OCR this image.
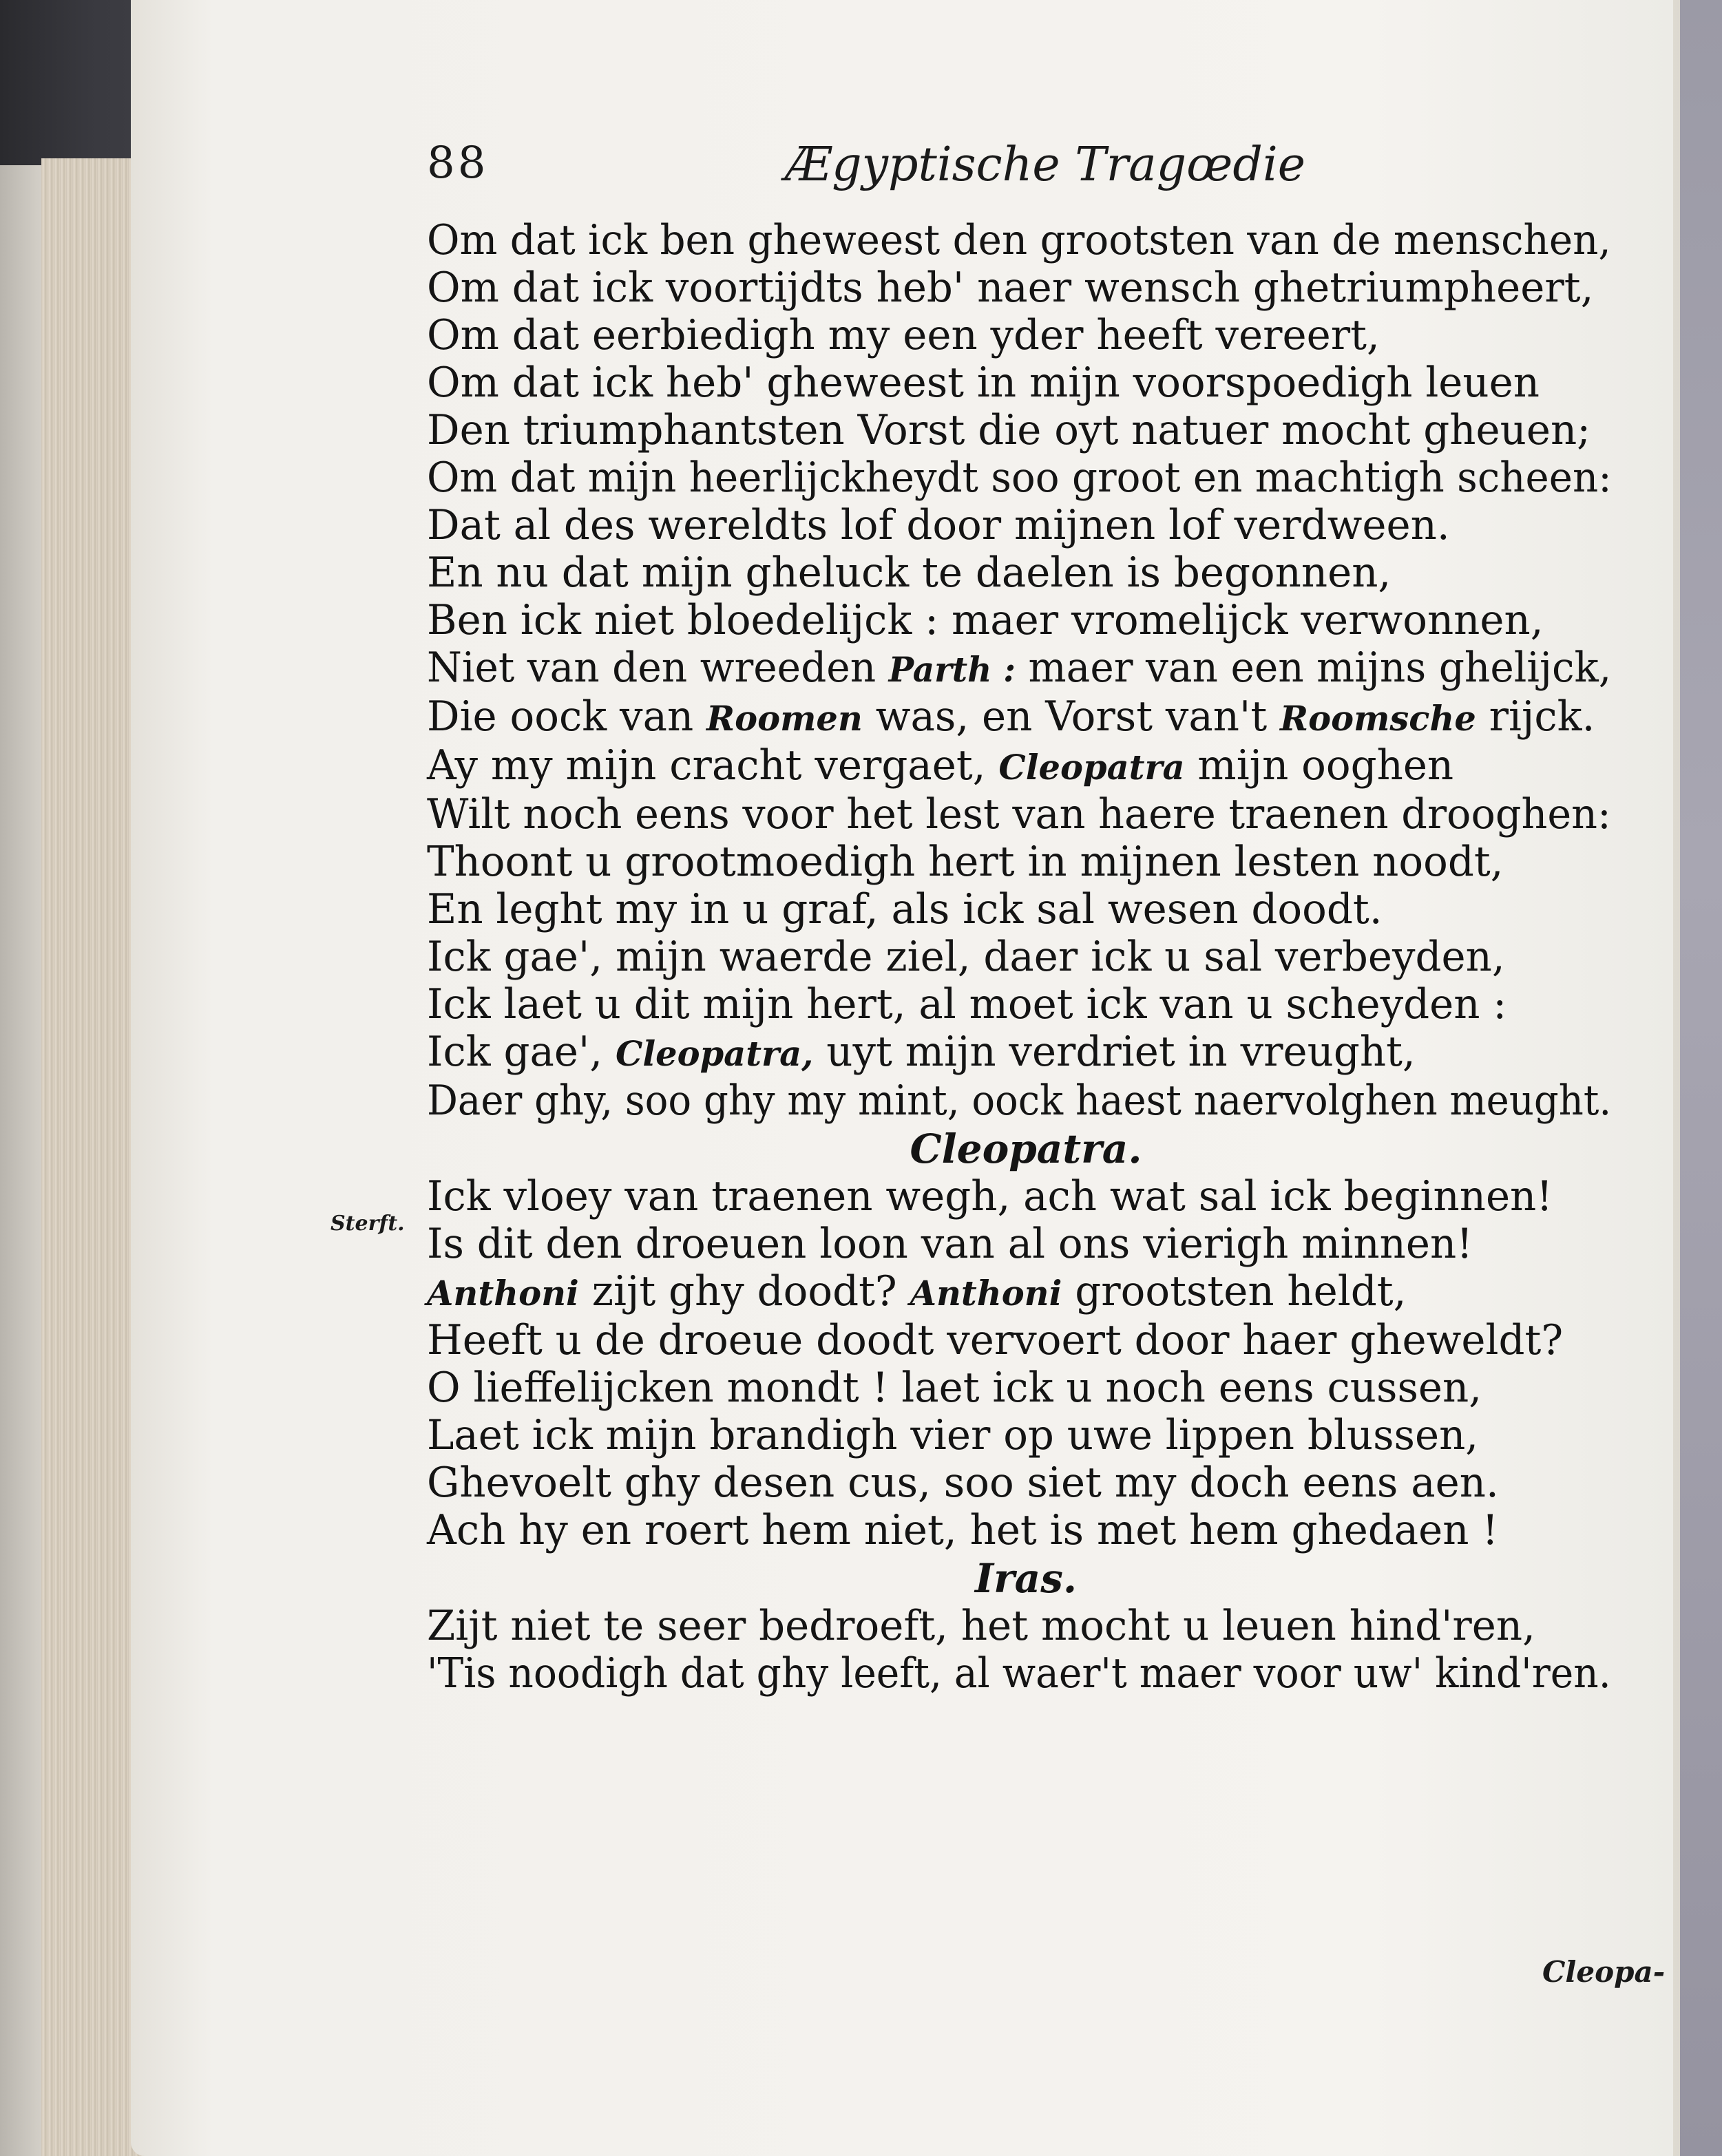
88	Ægyptische Tragœdie
Sterft.
Om dat ick ben gheweest den grootsten van de menschen,
Om dat ick voortijdts heb' naer wensch ghetriumpheert,
Om dat eerbiedigh my een yder heeft vereert,
Om dat ick heb' gheweest in mijn voorspoedigh leuen
Den triumphantsten Vorst die oyt natuer mocht gheuen;
Om dat mijn heerlijckheydt soo groot en machtigh scheen:
Dat al des wereldts lof door mijnen lof verdween.
En nu dat mijn gheluck te daelen is begonnen,
Ben ick niet bloedelijck : maer vromelijck verwonnen,
Niet van den wreeden Parth : maer van een mijns ghelijck,
Die oock van Roomen was, en Vorst van't Roomsche rijck.
Ay my mijn cracht vergaet, Cleopatra mijn ooghen
Wilt noch eens voor het lest van haere traenen drooghen:
Thoont u grootmoedigh hert in mijnen lesten noodt,
En leght my in u graf, als ick sal wesen doodt.
Ick gae', mijn waerde ziel, daer ick u sal verbeyden,
Ick laet u dit mijn hert, al moet ick van u scheyden :
Ick gae', Cleopatra, uyt mijn verdriet in vreught,
Daer ghy, soo ghy my mint, oock haest naervolghen meught.
Cleopatra.
Ick vloey van traenen wegh, ach wat sal ick beginnen!
Is dit den droeuen loon van al ons vierigh minnen!
Anthoni zijt ghy doodt? Anthoni grootsten heldt,
Heeft u de droeue doodt vervoert door haer gheweldt?
O lieffelijcken mondt ! laet ick u noch eens cussen,
Laet ick mijn brandigh vier op uwe lippen blussen,
Ghevoelt ghy desen cus, soo siet my doch eens aen.
Ach hy en roert hem niet, het is met hem ghedaen !
Iras.
Zijt niet te seer bedroeft, het mocht u leuen hind'ren,
'Tis noodigh dat ghy leeft, al waer't maer voor uw' kind'ren.
Cleopa-
